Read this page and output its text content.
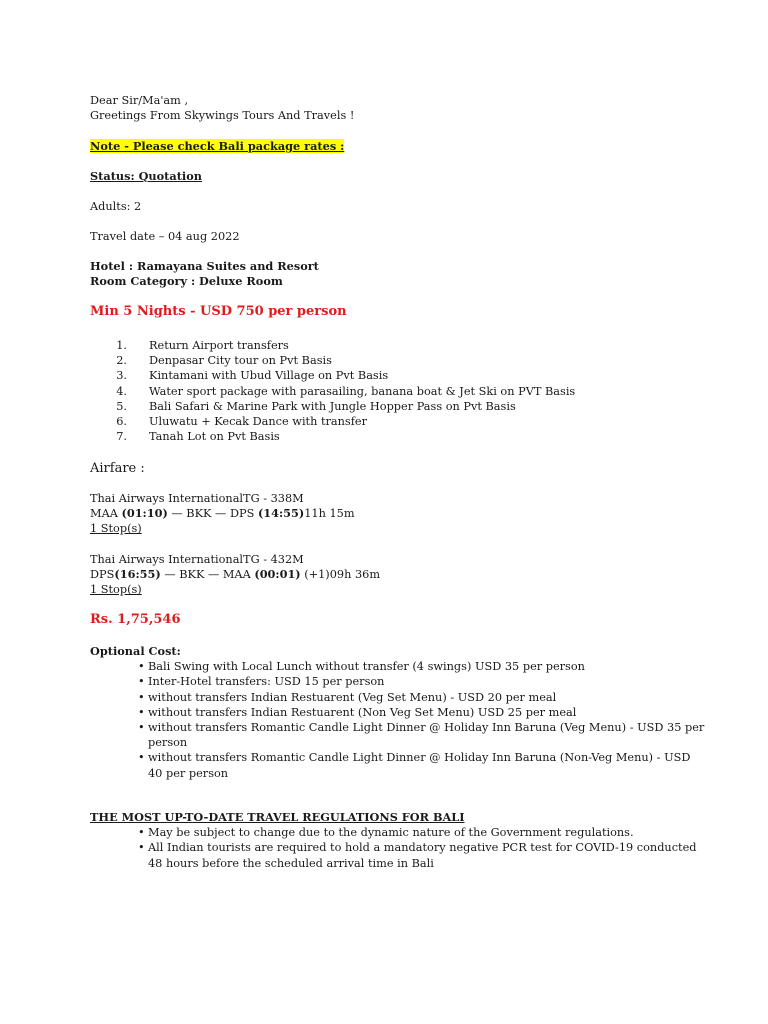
Dear Sir/Ma'am ,
Greetings From Skywings Tours And Travels !
Note - Please check Bali package rates :
Status: Quotation
Adults: 2
Travel date – 04 aug 2022
Hotel : Ramayana Suites and Resort
Room Category : Deluxe Room
Min 5 Nights - USD 750 per person
1. Return Airport transfers
2. Denpasar City tour on Pvt Basis
3. Kintamani with Ubud Village on Pvt Basis
4. Water sport package with parasailing, banana boat & Jet Ski on PVT Basis
5. Bali Safari & Marine Park with Jungle Hopper Pass on Pvt Basis
6. Uluwatu + Kecak Dance with transfer
7. Tanah Lot on Pvt Basis
Airfare :
Thai Airways InternationalTG - 338M
MAA (01:10) — BKK — DPS (14:55)11h 15m
1 Stop(s)
Thai Airways InternationalTG - 432M
DPS(16:55) — BKK — MAA (00:01) (+1)09h 36m
1 Stop(s)
Rs. 1,75,546
Optional Cost:
• Bali Swing with Local Lunch without transfer (4 swings) USD 35 per person
• Inter-Hotel transfers: USD 15 per person
• without transfers Indian Restuarent (Veg Set Menu) - USD 20 per meal
• without transfers Indian Restuarent (Non Veg Set Menu) USD 25 per meal
• without transfers Romantic Candle Light Dinner @ Holiday Inn Baruna (Veg Menu) - USD 35 per person
• without transfers Romantic Candle Light Dinner @ Holiday Inn Baruna (Non-Veg Menu) - USD 40 per person
THE MOST UP-TO-DATE TRAVEL REGULATIONS FOR BALI
• May be subject to change due to the dynamic nature of the Government regulations.
• All Indian tourists are required to hold a mandatory negative PCR test for COVID-19 conducted 48 hours before the scheduled arrival time in Bali
